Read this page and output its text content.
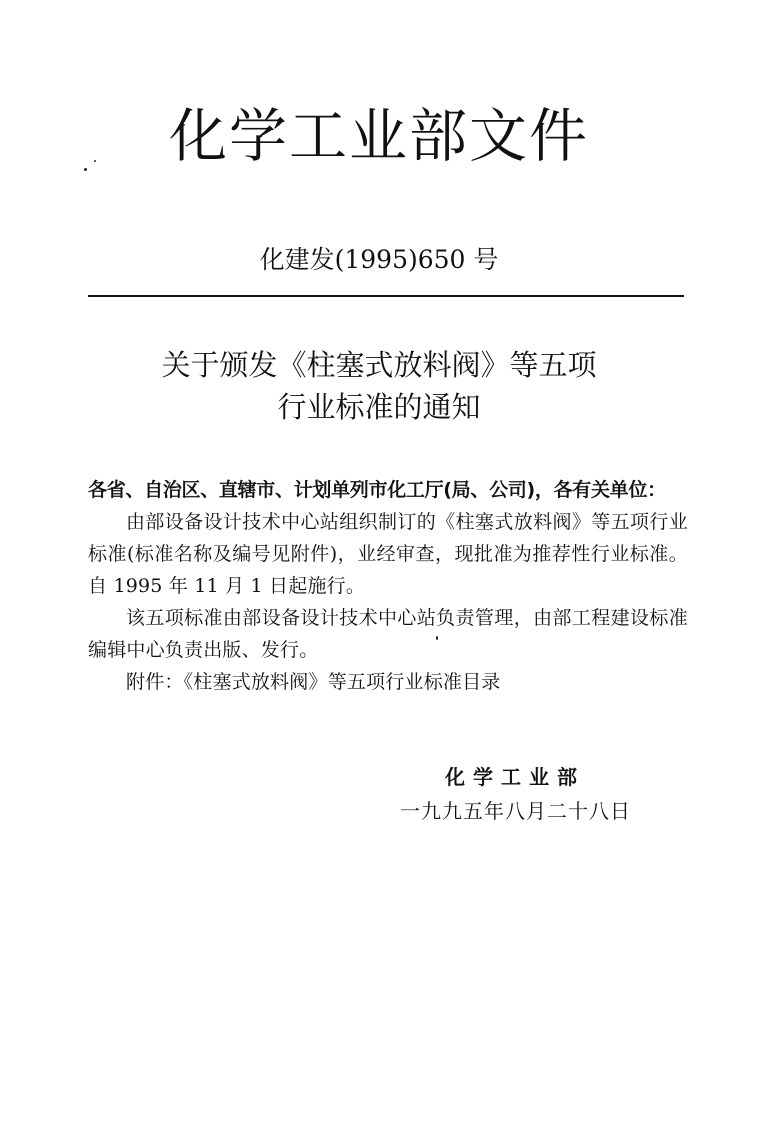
化学工业部文件
化建发(1995)650 号
关于颁发《柱塞式放料阀》等五项
行业标准的通知
各省、自治区、直辖市、计划单列市化工厅(局、公司)，各有关单位：

由部设备设计技术中心站组织制订的《柱塞式放料阀》等五项行业标准(标准名称及编号见附件)，业经审查，现批准为推荐性行业标准。自 1995 年 11 月 1 日起施行。

该五项标准由部设备设计技术中心站负责管理，由部工程建设标准编辑中心负责出版、发行。

附件：《柱塞式放料阀》等五项行业标准目录

化学工业部
一九九五年八月二十八日
